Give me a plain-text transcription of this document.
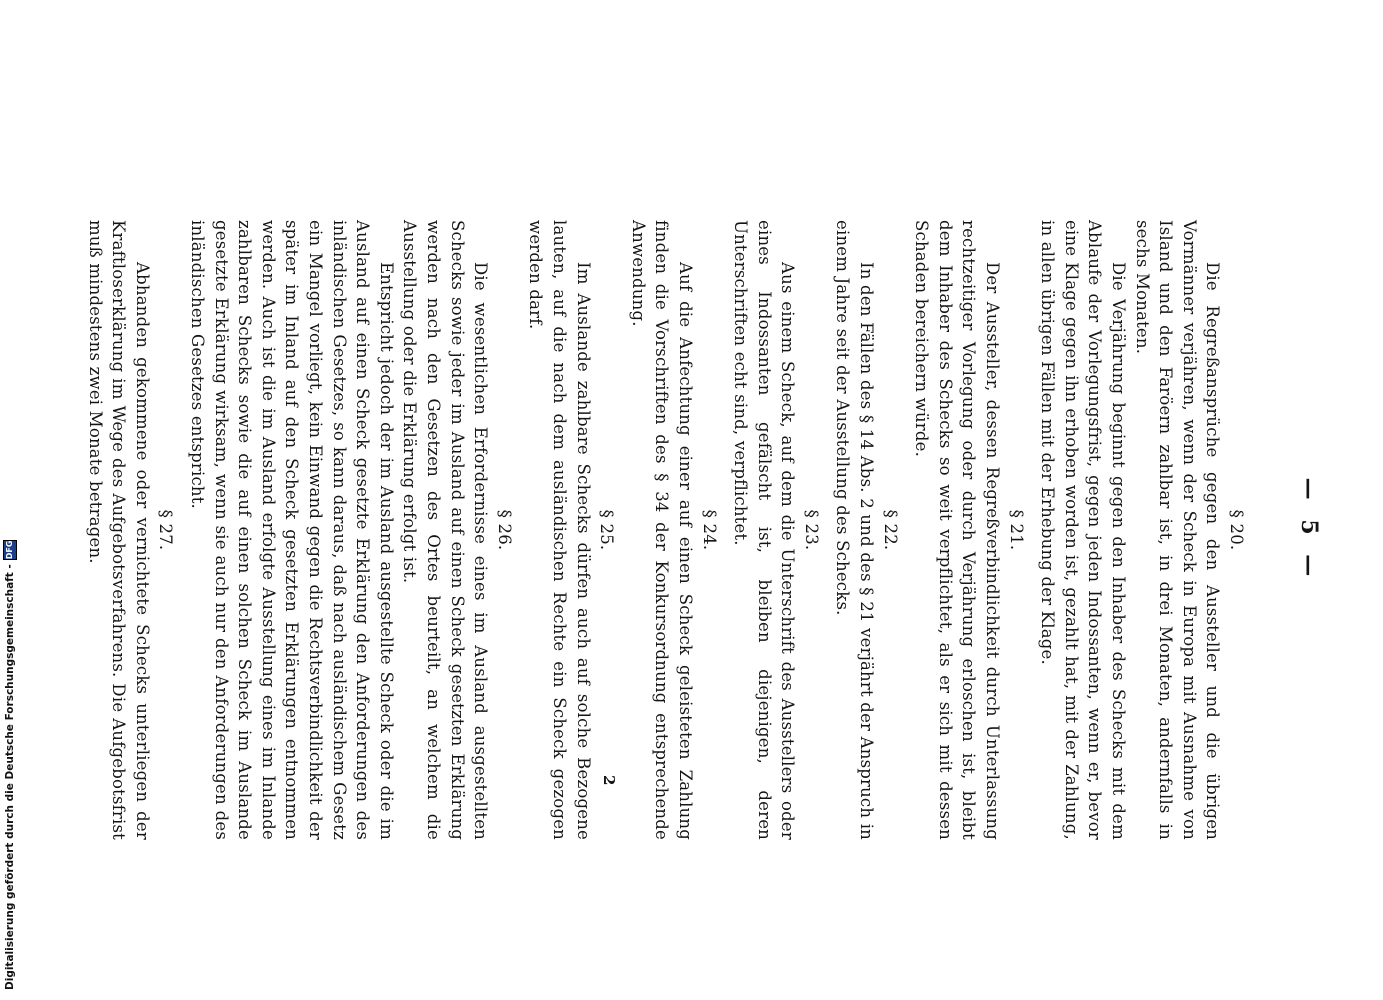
— 5 —
§ 20.

Die Regreßansprüche gegen den Aussteller und die übrigen Vormänner verjähren, wenn der Scheck in Europa mit Ausnahme von Island und den Faröern zahlbar ist, in drei Monaten, andernfalls in sechs Monaten.

Die Verjährung beginnt gegen den Inhaber des Schecks mit dem Ablaufe der Vorlegungsfrist, gegen jeden Indossanten, wenn er, bevor eine Klage gegen ihn erhoben worden ist, gezahlt hat, mit der Zahlung, in allen übrigen Fällen mit der Erhebung der Klage.

§ 21.

Der Aussteller, dessen Regreßverbindlichkeit durch Unterlassung rechtzeitiger Vorlegung oder durch Verjährung erloschen ist, bleibt dem Inhaber des Schecks so weit verpflichtet, als er sich mit dessen Schaden bereichern würde.

§ 22.

In den Fällen des § 14 Abs. 2 und des § 21 verjährt der Anspruch in einem Jahre seit der Ausstellung des Schecks.

§ 23.

Aus einem Scheck, auf dem die Unterschrift des Ausstellers oder eines Indossanten gefälscht ist, bleiben diejenigen, deren Unterschriften echt sind, verpflichtet.

§ 24.

Auf die Anfechtung einer auf einen Scheck geleisteten Zahlung finden die Vorschriften des § 34 der Konkursordnung entsprechende Anwendung.

§ 25.

Im Auslande zahlbare Schecks dürfen auch auf solche Bezogene lauten, auf die nach dem ausländischen Rechte ein Scheck gezogen werden darf.

§ 26.

Die wesentlichen Erfordernisse eines im Ausland ausgestellten Schecks sowie jeder im Ausland auf einen Scheck gesetzten Erklärung werden nach den Gesetzen des Ortes beurteilt, an welchem die Ausstellung oder die Erklärung erfolgt ist.

Entspricht jedoch der im Ausland ausgestellte Scheck oder die im Ausland auf einen Scheck gesetzte Erklärung den Anforderungen des inländischen Gesetzes, so kann daraus, daß nach ausländischem Gesetz ein Mangel vorliegt, kein Einwand gegen die Rechtsverbindlichkeit der später im Inland auf den Scheck gesetzten Erklärungen entnommen werden. Auch ist die im Ausland erfolgte Ausstellung eines im Inlande zahlbaren Schecks sowie die auf einen solchen Scheck im Auslande gesetzte Erklärung wirksam, wenn sie auch nur den Anforderungen des inländischen Gesetzes entspricht.

§ 27.

Abhanden gekommene oder vernichtete Schecks unterliegen der Kraftloserklärung im Wege des Aufgebotsverfahrens. Die Aufgebotsfrist muß mindestens zwei Monate betragen.

2
Digitalisierung gefördert durch die Deutsche Forschungsgemeinschaft -
DFG
